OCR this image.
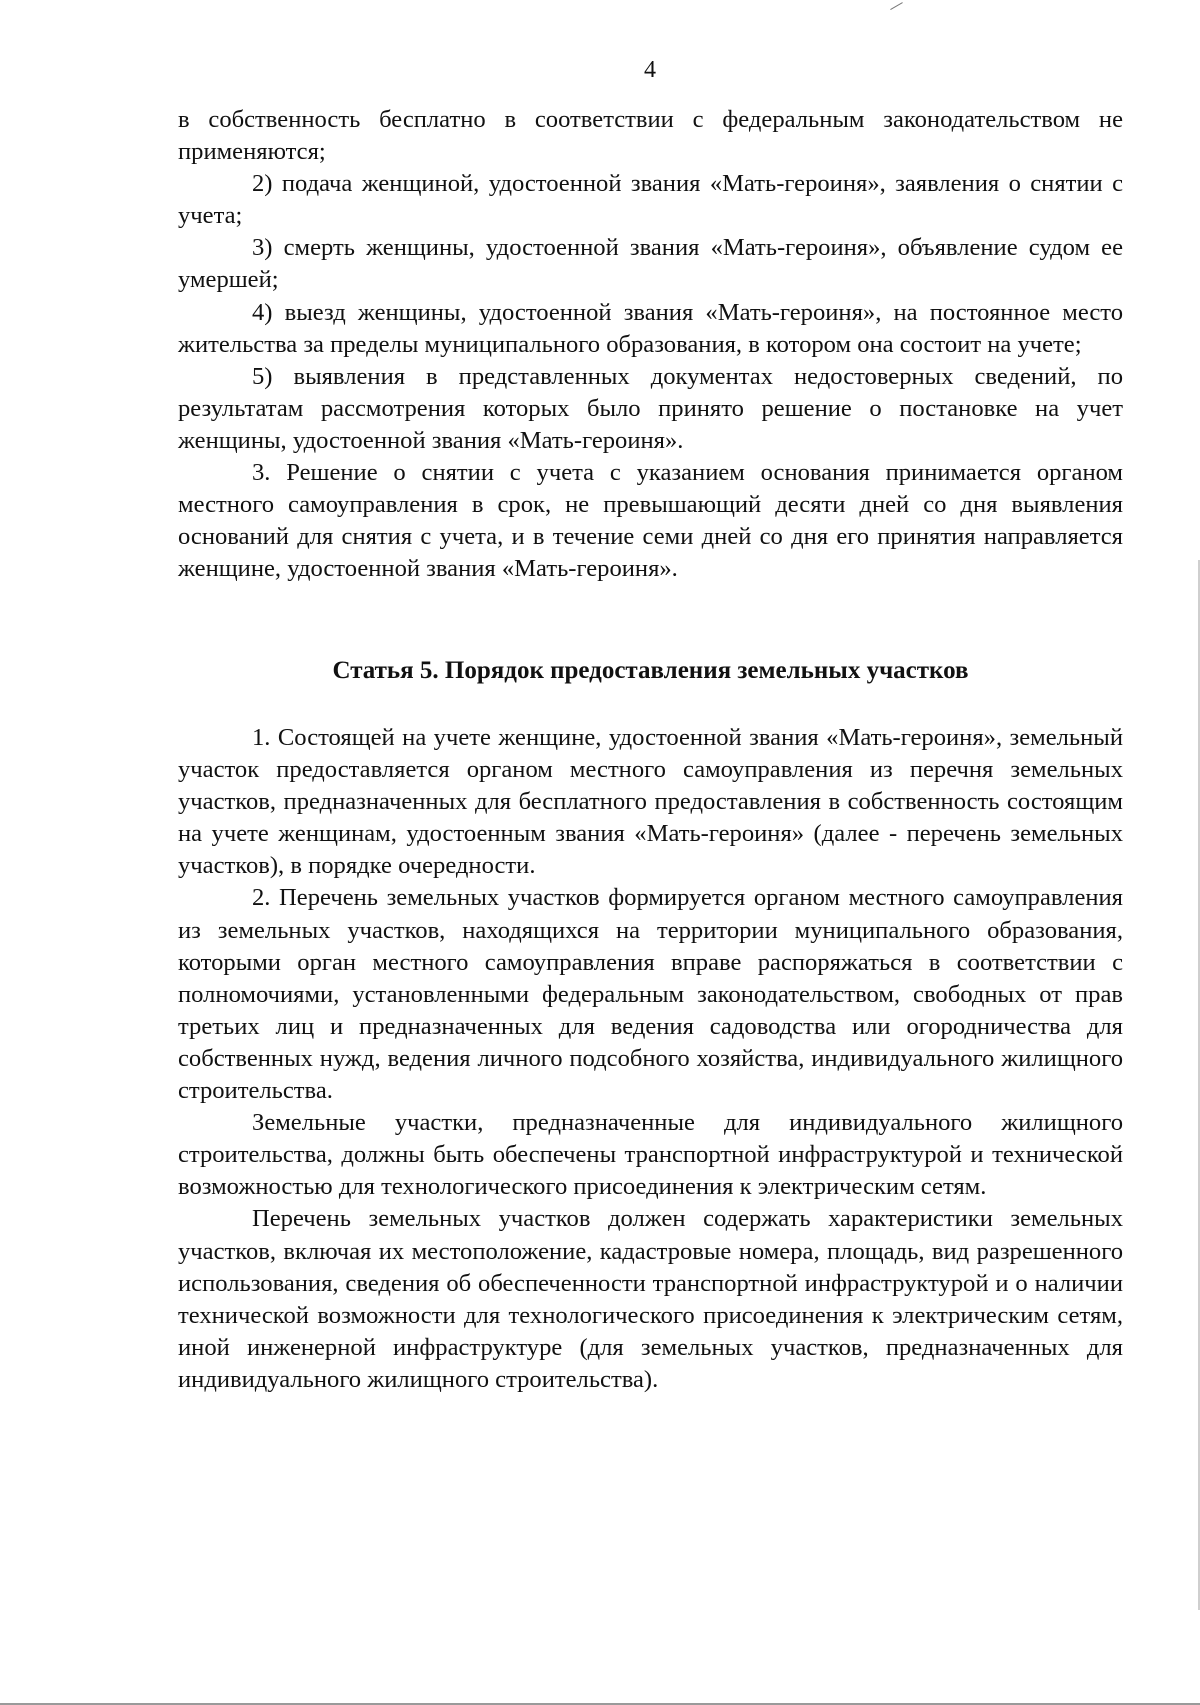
4

в собственность бесплатно в соответствии с федеральным законодательством не применяются;

2) подача женщиной, удостоенной звания «Мать-героиня», заявления о снятии с учета;

3) смерть женщины, удостоенной звания «Мать-героиня», объявление судом ее умершей;

4) выезд женщины, удостоенной звания «Мать-героиня», на постоянное место жительства за пределы муниципального образования, в котором она состоит на учете;

5) выявления в представленных документах недостоверных сведений, по результатам рассмотрения которых было принято решение о постановке на учет женщины, удостоенной звания «Мать-героиня».

3. Решение о снятии с учета с указанием основания принимается органом местного самоуправления в срок, не превышающий десяти дней со дня выявления оснований для снятия с учета, и в течение семи дней со дня его принятия направляется женщине, удостоенной звания «Мать-героиня».

Статья 5. Порядок предоставления земельных участков

1. Состоящей на учете женщине, удостоенной звания «Мать-героиня», земельный участок предоставляется органом местного самоуправления из перечня земельных участков, предназначенных для бесплатного предоставления в собственность состоящим на учете женщинам, удостоенным звания «Мать-героиня» (далее - перечень земельных участков), в порядке очередности.

2. Перечень земельных участков формируется органом местного самоуправления из земельных участков, находящихся на территории муниципального образования, которыми орган местного самоуправления вправе распоряжаться в соответствии с полномочиями, установленными федеральным законодательством, свободных от прав третьих лиц и предназначенных для ведения садоводства или огородничества для собственных нужд, ведения личного подсобного хозяйства, индивидуального жилищного строительства.

Земельные участки, предназначенные для индивидуального жилищного строительства, должны быть обеспечены транспортной инфраструктурой и технической возможностью для технологического присоединения к электрическим сетям.

Перечень земельных участков должен содержать характеристики земельных участков, включая их местоположение, кадастровые номера, площадь, вид разрешенного использования, сведения об обеспеченности транспортной инфраструктурой и о наличии технической возможности для технологического присоединения к электрическим сетям, иной инженерной инфраструктуре (для земельных участков, предназначенных для индивидуального жилищного строительства).
